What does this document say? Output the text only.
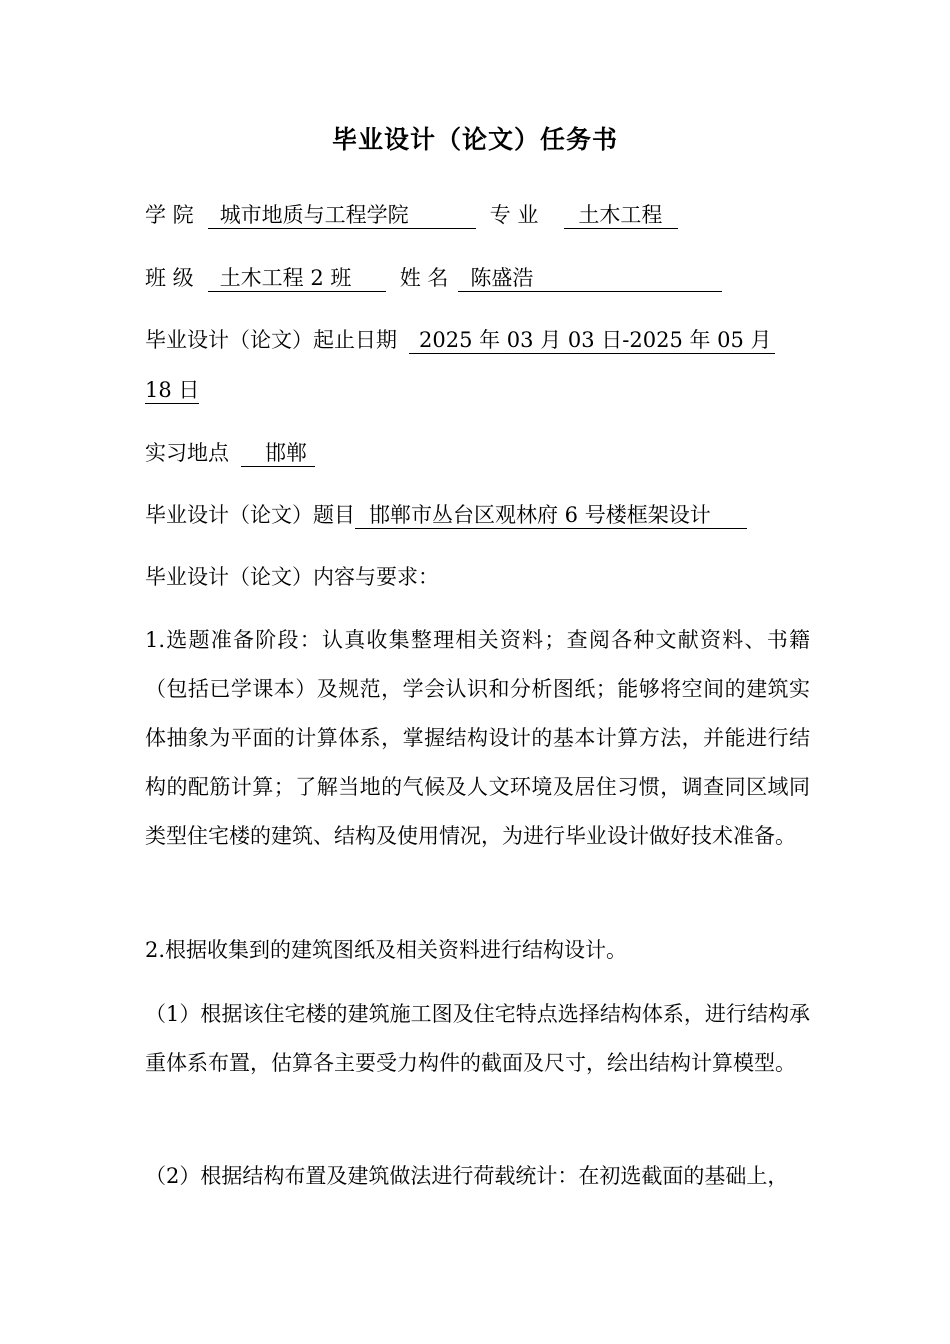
毕业设计（论文）任务书
学 院 城市地质与工程学院	专 业 土木工程
班 级 土木工程 2 班 姓 名 陈盛浩
毕业设计（论文）起止日期 2025 年 03 月 03 日-2025 年 05 月
18 日
实习地点 邯郸
毕业设计（论文）题目 邯郸市丛台区观林府 6 号楼框架设计
毕业设计（论文）内容与要求：
1.选题准备阶段：认真收集整理相关资料；查阅各种文献资料、书籍（包括已学课本）及规范，学会认识和分析图纸；能够将空间的建筑实体抽象为平面的计算体系，掌握结构设计的基本计算方法，并能进行结构的配筋计算；了解当地的气候及人文环境及居住习惯，调查同区域同类型住宅楼的建筑、结构及使用情况，为进行毕业设计做好技术准备。
2.根据收集到的建筑图纸及相关资料进行结构设计。
（1）根据该住宅楼的建筑施工图及住宅特点选择结构体系，进行结构承重体系布置，估算各主要受力构件的截面及尺寸，绘出结构计算模型。
（2）根据结构布置及建筑做法进行荷载统计：在初选截面的基础上，
